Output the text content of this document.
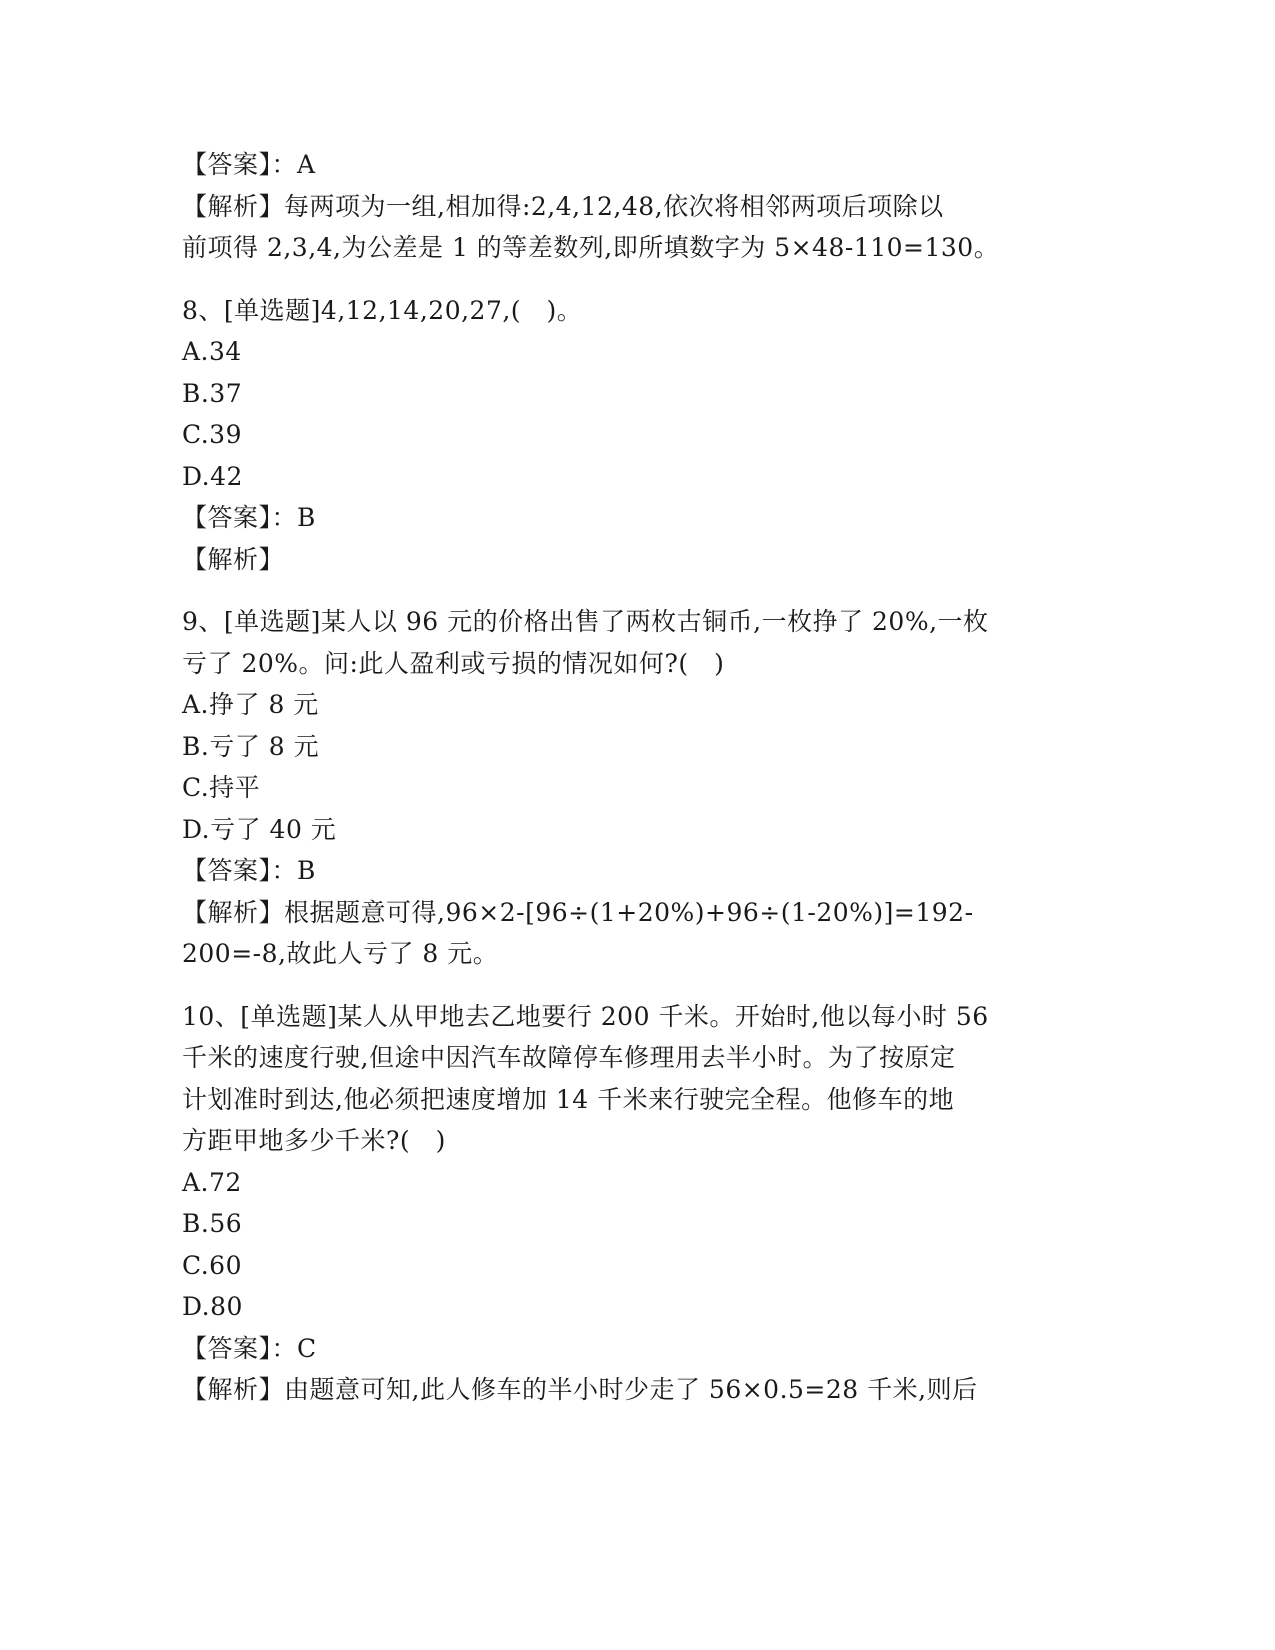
【答案】：A
【解析】每两项为一组,相加得:2,4,12,48,依次将相邻两项后项除以
前项得 2,3,4,为公差是 1 的等差数列,即所填数字为 5×48-110=130。
8、[单选题]4,12,14,20,27,(　)。
A.34
B.37
C.39
D.42
【答案】：B
【解析】
9、[单选题]某人以 96 元的价格出售了两枚古铜币,一枚挣了 20%,一枚
亏了 20%。问:此人盈利或亏损的情况如何?(　)
A.挣了 8 元
B.亏了 8 元
C.持平
D.亏了 40 元
【答案】：B
【解析】根据题意可得,96×2-[96÷(1+20%)+96÷(1-20%)]=192-
200=-8,故此人亏了 8 元。
10、[单选题]某人从甲地去乙地要行 200 千米。开始时,他以每小时 56
千米的速度行驶,但途中因汽车故障停车修理用去半小时。为了按原定
计划准时到达,他必须把速度增加 14 千米来行驶完全程。他修车的地
方距甲地多少千米?(　)
A.72
B.56
C.60
D.80
【答案】：C
【解析】由题意可知,此人修车的半小时少走了 56×0.5=28 千米,则后
